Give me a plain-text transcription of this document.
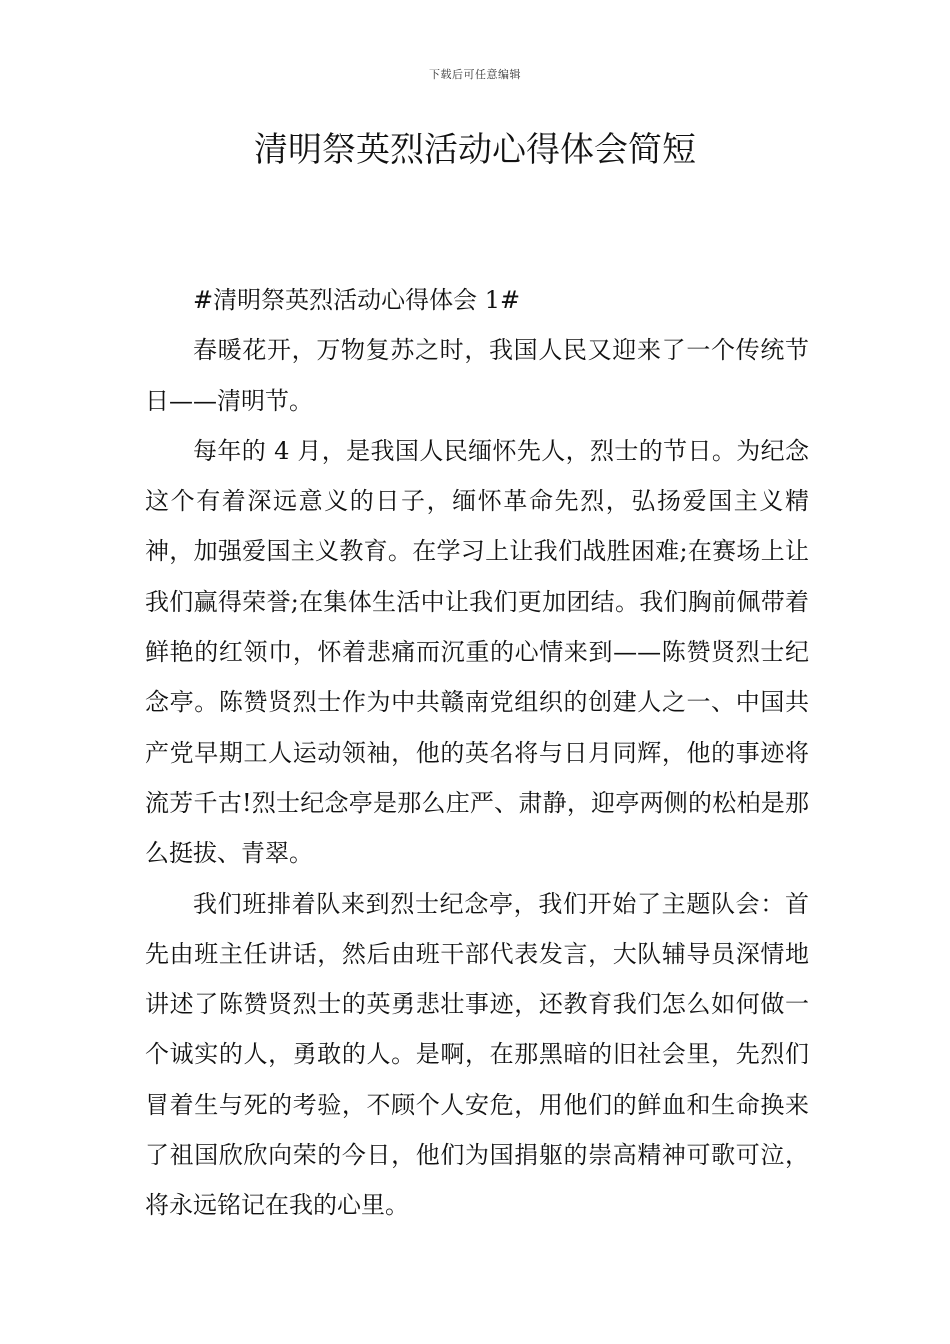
下载后可任意编辑
清明祭英烈活动心得体会简短

#清明祭英烈活动心得体会 1#

春暖花开，万物复苏之时，我国人民又迎来了一个传统节日——清明节。

每年的 4 月，是我国人民缅怀先人，烈士的节日。为纪念这个有着深远意义的日子，缅怀革命先烈，弘扬爱国主义精神，加强爱国主义教育。在学习上让我们战胜困难;在赛场上让我们赢得荣誉;在集体生活中让我们更加团结。我们胸前佩带着鲜艳的红领巾，怀着悲痛而沉重的心情来到——陈赞贤烈士纪念亭。陈赞贤烈士作为中共赣南党组织的创建人之一、中国共产党早期工人运动领袖，他的英名将与日月同辉，他的事迹将流芳千古!烈士纪念亭是那么庄严、肃静，迎亭两侧的松柏是那么挺拔、青翠。

我们班排着队来到烈士纪念亭，我们开始了主题队会：首先由班主任讲话，然后由班干部代表发言，大队辅导员深情地讲述了陈赞贤烈士的英勇悲壮事迹，还教育我们怎么如何做一个诚实的人，勇敢的人。是啊，在那黑暗的旧社会里，先烈们冒着生与死的考验，不顾个人安危，用他们的鲜血和生命换来了祖国欣欣向荣的今日，他们为国捐躯的崇高精神可歌可泣，将永远铭记在我的心里。
